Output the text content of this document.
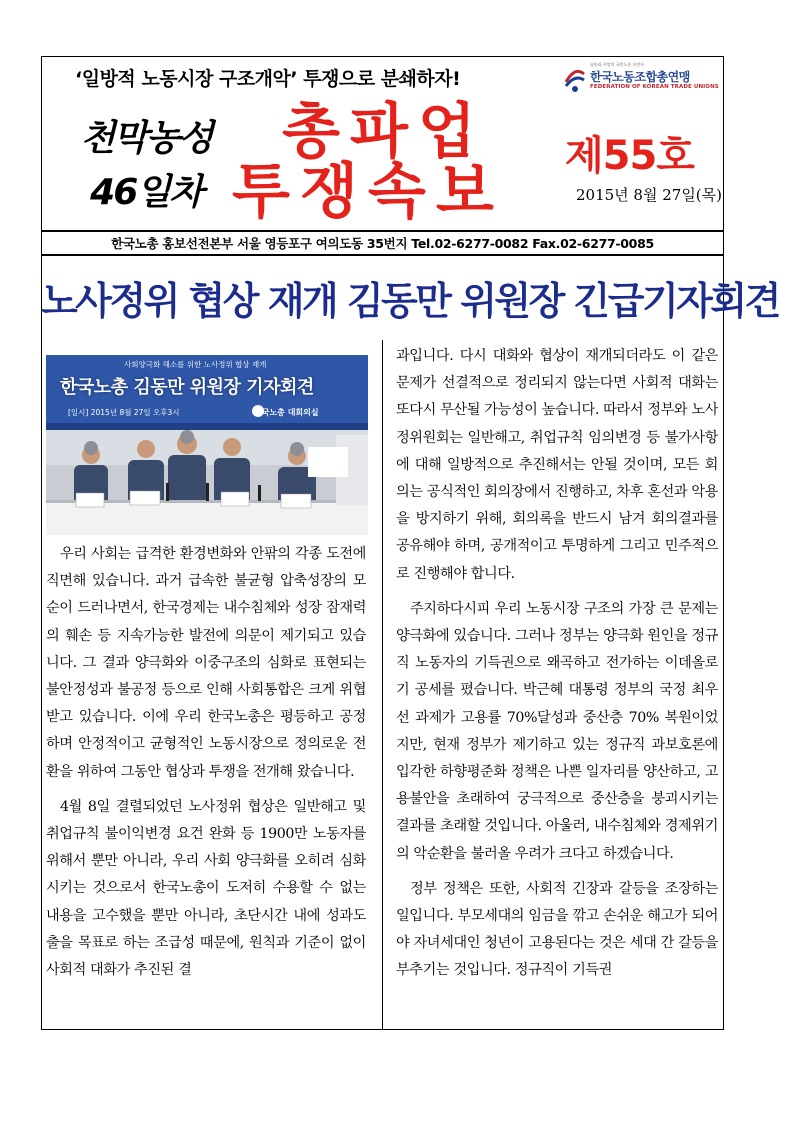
‘일방적 노동시장 구조개악’ 투쟁으로 분쇄하자!
평등과 희망의 국민노동 동반자
한국노동조합총연맹
FEDERATION OF KOREAN TRADE UNIONS
천막농성
46일차
총파업
투쟁속보
제55호
2015년 8월 27일(목)
한국노총 홍보선전본부 서울 영등포구 여의도동 35번지 Tel.02-6277-0082 Fax.02-6277-0085
노사정위 협상 재개 김동만 위원장 긴급기자회견
사회양극화 해소를 위한 노사정위 협상 재개
한국노총 김동만 위원장 기자회견
[일시] 2015년 8월 27일 오후3시	한국노총 대회의실

우리 사회는 급격한 환경변화와 안팎의 각종 도전에 직면해 있습니다. 과거 급속한 불균형 압축성장의 모순이 드러나면서, 한국경제는 내수침체와 성장 잠재력의 훼손 등 지속가능한 발전에 의문이 제기되고 있습니다. 그 결과 양극화와 이중구조의 심화로 표현되는 불안정성과 불공정 등으로 인해 사회통합은 크게 위협받고 있습니다. 이에 우리 한국노총은 평등하고 공정하며 안정적이고 균형적인 노동시장으로 정의로운 전환을 위하여 그동안 협상과 투쟁을 전개해 왔습니다.

4월 8일 결렬되었던 노사정위 협상은 일반해고 및 취업규칙 불이익변경 요건 완화 등 1900만 노동자를 위해서 뿐만 아니라, 우리 사회 양극화를 오히려 심화시키는 것으로서 한국노총이 도저히 수용할 수 없는 내용을 고수했을 뿐만 아니라, 초단시간 내에 성과도출을 목표로 하는 조급성 때문에, 원칙과 기준이 없이 사회적 대화가 추진된 결

과입니다. 다시 대화와 협상이 재개되더라도 이 같은 문제가 선결적으로 정리되지 않는다면 사회적 대화는 또다시 무산될 가능성이 높습니다. 따라서 정부와 노사정위원회는 일반해고, 취업규칙 임의변경 등 불가사항에 대해 일방적으로 추진해서는 안될 것이며, 모든 회의는 공식적인 회의장에서 진행하고, 차후 혼선과 악용을 방지하기 위해, 회의록을 반드시 남겨 회의결과를 공유해야 하며, 공개적이고 투명하게 그리고 민주적으로 진행해야 합니다.

주지하다시피 우리 노동시장 구조의 가장 큰 문제는 양극화에 있습니다. 그러나 정부는 양극화 원인을 정규직 노동자의 기득권으로 왜곡하고 전가하는 이데올로기 공세를 폈습니다. 박근혜 대통령 정부의 국정 최우선 과제가 고용률 70%달성과 중산층 70% 복원이었지만, 현재 정부가 제기하고 있는 정규직 과보호론에 입각한 하향평준화 정책은 나쁜 일자리를 양산하고, 고용불안을 초래하여 궁극적으로 중산층을 붕괴시키는 결과를 초래할 것입니다. 아울러, 내수침체와 경제위기의 악순환을 불러올 우려가 크다고 하겠습니다.

정부 정책은 또한, 사회적 긴장과 갈등을 조장하는 일입니다. 부모세대의 임금을 깎고 손쉬운 해고가 되어야 자녀세대인 청년이 고용된다는 것은 세대 간 갈등을 부추기는 것입니다. 정규직이 기득권
